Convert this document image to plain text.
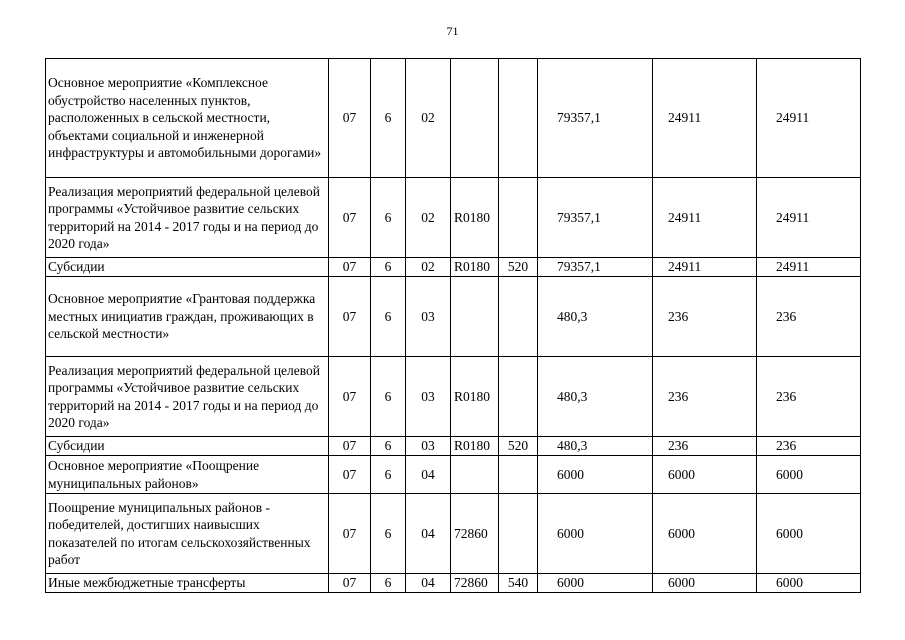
71
Основное мероприятие «Комплексное обустройство населенных пунктов, расположенных в сельской местности, объектами социальной и инженерной инфраструктуры и автомобильными дорогами»	07	6	02			79357,1	24911	24911
Реализация мероприятий федеральной целевой программы «Устойчивое развитие сельских территорий на 2014 - 2017 годы и на период до 2020 года»	07	6	02	R0180		79357,1	24911	24911
Субсидии	07	6	02	R0180	520	79357,1	24911	24911
Основное мероприятие «Грантовая поддержка местных инициатив граждан, проживающих в сельской местности»	07	6	03			480,3	236	236
Реализация мероприятий федеральной целевой программы «Устойчивое развитие сельских территорий на 2014 - 2017 годы и на период до 2020 года»	07	6	03	R0180		480,3	236	236
Субсидии	07	6	03	R0180	520	480,3	236	236
Основное мероприятие «Поощрение муниципальных районов»	07	6	04			6000	6000	6000
Поощрение муниципальных районов - победителей, достигших наивысших показателей по итогам сельскохозяйственных работ	07	6	04	72860		6000	6000	6000
Иные межбюджетные трансферты	07	6	04	72860	540	6000	6000	6000
